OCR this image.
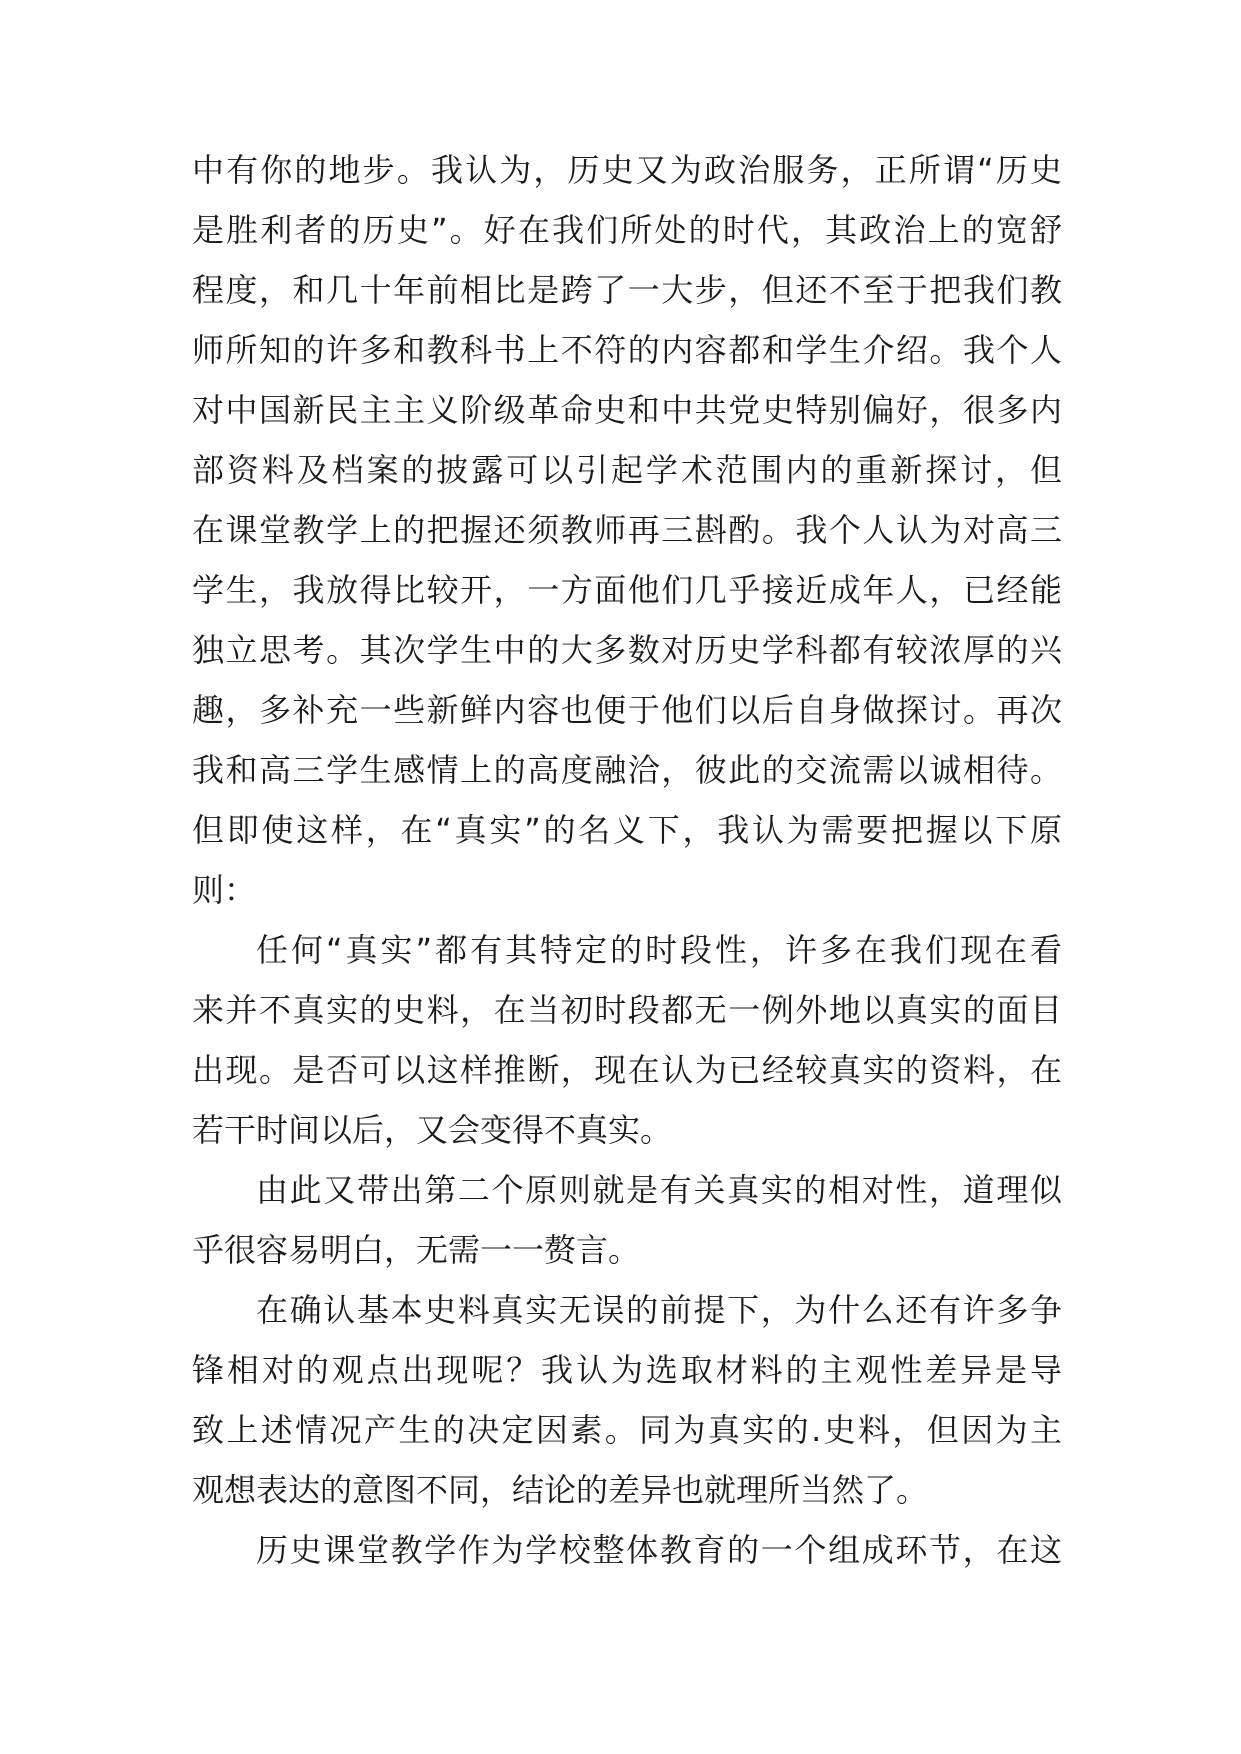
中有你的地步。我认为，历史又为政治服务，正所谓“历史
是胜利者的历史”。好在我们所处的时代，其政治上的宽舒
程度，和几十年前相比是跨了一大步，但还不至于把我们教
师所知的许多和教科书上不符的内容都和学生介绍。我个人
对中国新民主主义阶级革命史和中共党史特别偏好，很多内
部资料及档案的披露可以引起学术范围内的重新探讨，但
在课堂教学上的把握还须教师再三斟酌。我个人认为对高三
学生，我放得比较开，一方面他们几乎接近成年人，已经能
独立思考。其次学生中的大多数对历史学科都有较浓厚的兴
趣，多补充一些新鲜内容也便于他们以后自身做探讨。再次
我和高三学生感情上的高度融洽，彼此的交流需以诚相待。
但即使这样，在“真实”的名义下，我认为需要把握以下原
则：
任何“真实”都有其特定的时段性，许多在我们现在看
来并不真实的史料，在当初时段都无一例外地以真实的面目
出现。是否可以这样推断，现在认为已经较真实的资料，在
若干时间以后，又会变得不真实。
由此又带出第二个原则就是有关真实的相对性，道理似
乎很容易明白，无需一一赘言。
在确认基本史料真实无误的前提下，为什么还有许多争
锋相对的观点出现呢？我认为选取材料的主观性差异是导
致上述情况产生的决定因素。同为真实的.史料，但因为主
观想表达的意图不同，结论的差异也就理所当然了。
历史课堂教学作为学校整体教育的一个组成环节，在这
